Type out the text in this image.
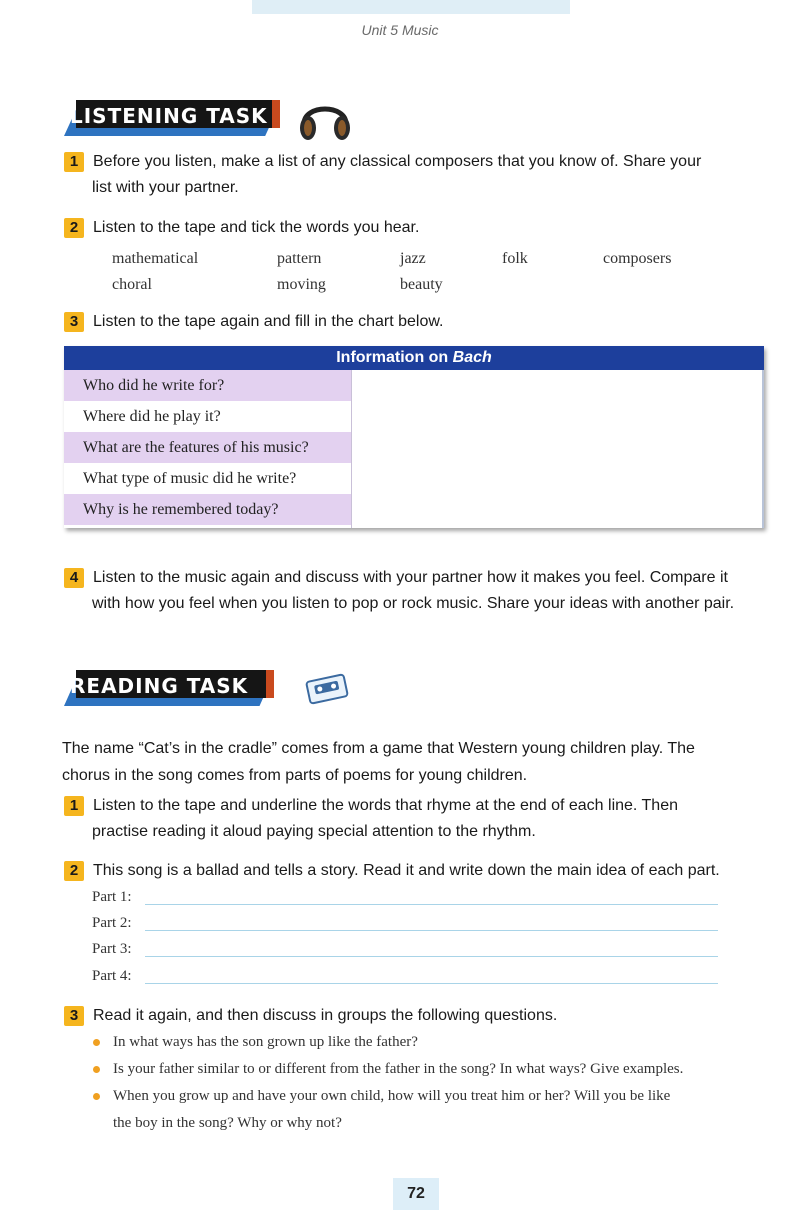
Unit 5 Music
LISTENING TASK
1 Before you listen, make a list of any classical composers that you know of. Share your
list with your partner.
2 Listen to the tape and tick the words you hear.
mathematical	pattern	jazz	folk	composers
choral	moving	beauty
3 Listen to the tape again and fill in the chart below.
Information on Bach
Who did he write for?
Where did he play it?
What are the features of his music?
What type of music did he write?
Why is he remembered today?
4 Listen to the music again and discuss with your partner how it makes you feel. Compare it
with how you feel when you listen to pop or rock music. Share your ideas with another pair.
READING TASK
The name “Cat’s in the cradle” comes from a game that Western young children play. The
chorus in the song comes from parts of poems for young children.
1 Listen to the tape and underline the words that rhyme at the end of each line. Then
practise reading it aloud paying special attention to the rhythm.
2 This song is a ballad and tells a story. Read it and write down the main idea of each part.
Part 1:
Part 2:
Part 3:
Part 4:
3 Read it again, and then discuss in groups the following questions.
In what ways has the son grown up like the father?
Is your father similar to or different from the father in the song? In what ways? Give examples.
When you grow up and have your own child, how will you treat him or her? Will you be like
the boy in the song? Why or why not?
72
